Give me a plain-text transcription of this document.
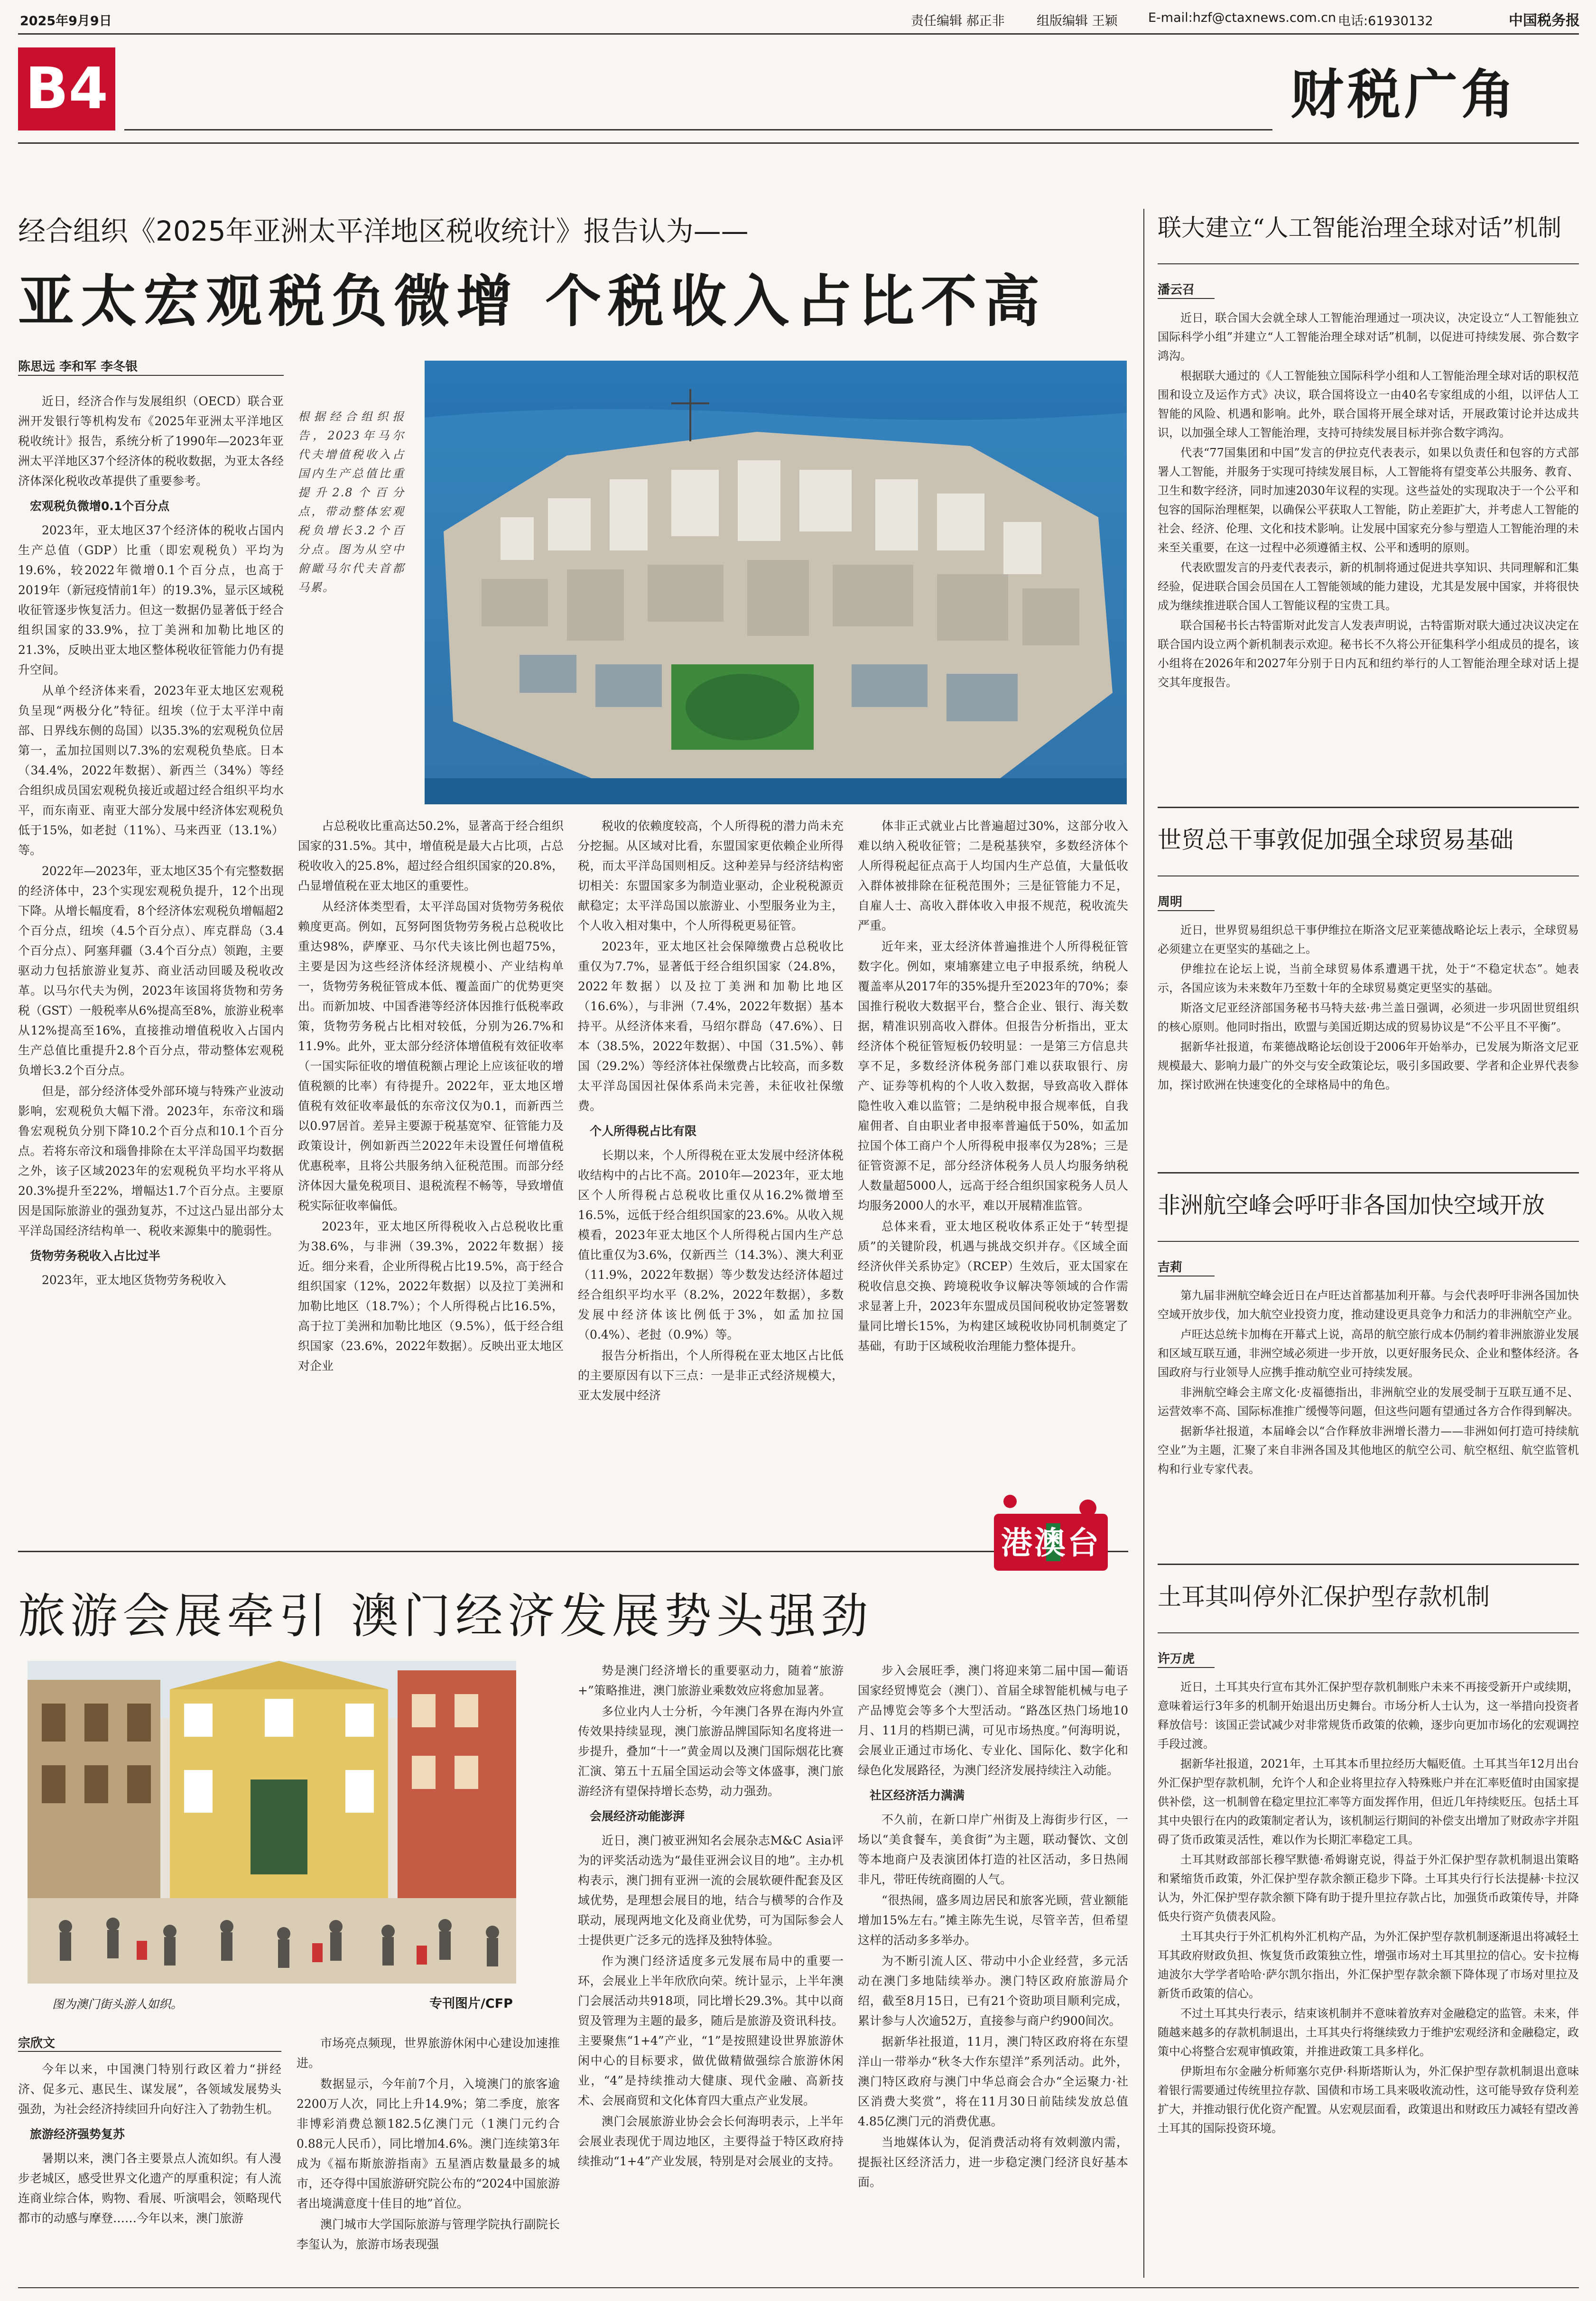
2025年9月9日	责任编辑 郝正非 组版编辑 王颖 E-mail:hzf@ctaxnews.com.cn 电话:61930132	中国税务报
B4	财税广角
经合组织《2025年亚洲太平洋地区税收统计》报告认为——
亚太宏观税负微增 个税收入占比不高
陈思远 李和军 李冬银
根据经合组织报告，2023年马尔代夫增值税收入占国内生产总值比重提升2.8个百分点，带动整体宏观税负增长3.2个百分点。图为从空中俯瞰马尔代夫首都马累。
近日，经济合作与发展组织（OECD）联合亚洲开发银行等机构发布《2025年亚洲太平洋地区税收统计》报告，系统分析了1990年—2023年亚洲太平洋地区37个经济体的税收数据，为亚太各经济体深化税收改革提供了重要参考。
宏观税负微增0.1个百分点
2023年，亚太地区37个经济体的税收占国内生产总值（GDP）比重（即宏观税负）平均为19.6%，较2022年微增0.1个百分点，也高于2019年（新冠疫情前1年）的19.3%，显示区域税收征管逐步恢复活力。但这一数据仍显著低于经合组织国家的33.9%，拉丁美洲和加勒比地区的21.3%，反映出亚太地区整体税收征管能力仍有提升空间。
从单个经济体来看，2023年亚太地区宏观税负呈现“两极分化”特征。纽埃（位于太平洋中南部、日界线东侧的岛国）以35.3%的宏观税负位居第一，孟加拉国则以7.3%的宏观税负垫底。日本（34.4%，2022年数据）、新西兰（34%）等经合组织成员国宏观税负接近或超过经合组织平均水平，而东南亚、南亚大部分发展中经济体宏观税负低于15%，如老挝（11%）、马来西亚（13.1%）等。
2022年—2023年，亚太地区35个有完整数据的经济体中，23个实现宏观税负提升，12个出现下降。从增长幅度看，8个经济体宏观税负增幅超2个百分点，纽埃（4.5个百分点）、库克群岛（3.4个百分点）、阿塞拜疆（3.4个百分点）领跑，主要驱动力包括旅游业复苏、商业活动回暖及税收改革。以马尔代夫为例，2023年该国将货物和劳务税（GST）一般税率从6%提高至8%，旅游业税率从12%提高至16%，直接推动增值税收入占国内生产总值比重提升2.8个百分点，带动整体宏观税负增长3.2个百分点。
但是，部分经济体受外部环境与特殊产业波动影响，宏观税负大幅下滑。2023年，东帝汶和瑙鲁宏观税负分别下降10.2个百分点和10.1个百分点。若将东帝汶和瑙鲁排除在太平洋岛国平均数据之外，该子区域2023年的宏观税负平均水平将从20.3%提升至22%，增幅达1.7个百分点。主要原因是国际旅游业的强劲复苏，不过这凸显出部分太平洋岛国经济结构单一、税收来源集中的脆弱性。
货物劳务税收入占比过半
2023年，亚太地区货物劳务税收入
占总税收比重高达50.2%，显著高于经合组织国家的31.5%。其中，增值税是最大占比项，占总税收收入的25.8%，超过经合组织国家的20.8%，凸显增值税在亚太地区的重要性。
从经济体类型看，太平洋岛国对货物劳务税依赖度更高。例如，瓦努阿图货物劳务税占总税收比重达98%，萨摩亚、马尔代夫该比例也超75%，主要是因为这些经济体经济规模小、产业结构单一，货物劳务税征管成本低、覆盖面广的优势更突出。而新加坡、中国香港等经济体因推行低税率政策，货物劳务税占比相对较低，分别为26.7%和11.9%。此外，亚太部分经济体增值税有效征收率（一国实际征收的增值税额占理论上应该征收的增值税额的比率）有待提升。2022年，亚太地区增值税有效征收率最低的东帝汶仅为0.1，而新西兰以0.97居首。差异主要源于税基宽窄、征管能力及政策设计，例如新西兰2022年未设置任何增值税优惠税率，且将公共服务纳入征税范围。而部分经济体因大量免税项目、退税流程不畅等，导致增值税实际征收率偏低。
2023年，亚太地区所得税收入占总税收比重为38.6%，与非洲（39.3%，2022年数据）接近。细分来看，企业所得税占比19.5%，高于经合组织国家（12%，2022年数据）以及拉丁美洲和加勒比地区（18.7%）；个人所得税占比16.5%，高于拉丁美洲和加勒比地区（9.5%），低于经合组织国家（23.6%，2022年数据）。反映出亚太地区对企业
税收的依赖度较高，个人所得税的潜力尚未充分挖掘。从区域对比看，东盟国家更依赖企业所得税，而太平洋岛国则相反。这种差异与经济结构密切相关：东盟国家多为制造业驱动，企业税税源贡献稳定；太平洋岛国以旅游业、小型服务业为主，个人收入相对集中，个人所得税更易征管。
2023年，亚太地区社会保障缴费占总税收比重仅为7.7%，显著低于经合组织国家（24.8%，2022年数据）以及拉丁美洲和加勒比地区（16.6%），与非洲（7.4%，2022年数据）基本持平。从经济体来看，马绍尔群岛（47.6%）、日本（38.5%，2022年数据）、中国（31.5%）、韩国（29.2%）等经济体社保缴费占比较高，而多数太平洋岛国因社保体系尚未完善，未征收社保缴费。
个人所得税占比有限
长期以来，个人所得税在亚太发展中经济体税收结构中的占比不高。2010年—2023年，亚太地区个人所得税占总税收比重仅从16.2%微增至16.5%，远低于经合组织国家的23.6%。从收入规模看，2023年亚太地区个人所得税占国内生产总值比重仅为3.6%，仅新西兰（14.3%）、澳大利亚（11.9%，2022年数据）等少数发达经济体超过经合组织平均水平（8.2%，2022年数据），多数发展中经济体该比例低于3%，如孟加拉国（0.4%）、老挝（0.9%）等。
报告分析指出，个人所得税在亚太地区占比低的主要原因有以下三点：一是非正式经济规模大，亚太发展中经济
体非正式就业占比普遍超过30%，这部分收入难以纳入税收征管；二是税基狭窄，多数经济体个人所得税起征点高于人均国内生产总值，大量低收入群体被排除在征税范围外；三是征管能力不足，自雇人士、高收入群体收入申报不规范，税收流失严重。
近年来，亚太经济体普遍推进个人所得税征管数字化。例如，柬埔寨建立电子申报系统，纳税人覆盖率从2017年的35%提升至2023年的70%；泰国推行税收大数据平台，整合企业、银行、海关数据，精准识别高收入群体。但报告分析指出，亚太经济体个税征管短板仍较明显：一是第三方信息共享不足，多数经济体税务部门难以获取银行、房产、证券等机构的个人收入数据，导致高收入群体隐性收入难以监管；二是纳税申报合规率低，自我雇佣者、自由职业者申报率普遍低于50%，如孟加拉国个体工商户个人所得税申报率仅为28%；三是征管资源不足，部分经济体税务人员人均服务纳税人数量超5000人，远高于经合组织国家税务人员人均服务2000人的水平，难以开展精准监管。
总体来看，亚太地区税收体系正处于“转型提质”的关键阶段，机遇与挑战交织并存。《区域全面经济伙伴关系协定》（RCEP）生效后，亚太国家在税收信息交换、跨境税收争议解决等领域的合作需求显著上升，2023年东盟成员国间税收协定签署数量同比增长15%，为构建区域税收协同机制奠定了基础，有助于区域税收治理能力整体提升。
港澳台
旅游会展牵引 澳门经济发展势头强劲
图为澳门街头游人如织。	专刊图片/CFP
宗欣文
今年以来，中国澳门特别行政区着力“拼经济、促多元、惠民生、谋发展”，各领域发展势头强劲，为社会经济持续回升向好注入了勃勃生机。
旅游经济强势复苏
暑期以来，澳门各主要景点人流如织。有人漫步老城区，感受世界文化遗产的厚重积淀；有人流连商业综合体，购物、看展、听演唱会，领略现代都市的动感与摩登……今年以来，澳门旅游
市场亮点频现，世界旅游休闲中心建设加速推进。
数据显示，今年前7个月，入境澳门的旅客逾2200万人次，同比上升14.9%；第二季度，旅客非博彩消费总额182.5亿澳门元（1澳门元约合0.88元人民币），同比增加4.6%。澳门连续第3年成为《福布斯旅游指南》五星酒店数量最多的城市，还夺得中国旅游研究院公布的“2024中国旅游者出境满意度十佳目的地”首位。
澳门城市大学国际旅游与管理学院执行副院长李玺认为，旅游市场表现强
势是澳门经济增长的重要驱动力，随着“旅游+”策略推进，澳门旅游业乘数效应将愈加显著。
多位业内人士分析，今年澳门各界在海内外宣传效果持续显现，澳门旅游品牌国际知名度将进一步提升，叠加“十一”黄金周以及澳门国际烟花比赛汇演、第五十五届全国运动会等文体盛事，澳门旅游经济有望保持增长态势，动力强劲。
会展经济动能澎湃
近日，澳门被亚洲知名会展杂志M&C Asia评为的评奖活动选为“最佳亚洲会议目的地”。主办机构表示，澳门拥有亚洲一流的会展软硬件配套及区域优势，是理想会展目的地，结合与横琴的合作及联动，展现两地文化及商业优势，可为国际参会人士提供更广泛多元的选择及独特体验。
作为澳门经济适度多元发展布局中的重要一环，会展业上半年欣欣向荣。统计显示，上半年澳门会展活动共918项，同比增长29.3%。其中以商贸及管理为主题的最多，随后是旅游及资讯科技。主要聚焦“1+4”产业，“1”是按照建设世界旅游休闲中心的目标要求，做优做精做强综合旅游休闲业，“4”是持续推动大健康、现代金融、高新技术、会展商贸和文化体育四大重点产业发展。
澳门会展旅游业协会会长何海明表示，上半年会展业表现优于周边地区，主要得益于特区政府持续推动“1+4”产业发展，特别是对会展业的支持。
步入会展旺季，澳门将迎来第二届中国—葡语国家经贸博览会（澳门）、首届全球智能机械与电子产品博览会等多个大型活动。“路氹区热门场地10月、11月的档期已满，可见市场热度。”何海明说，会展业正通过市场化、专业化、国际化、数字化和绿色化发展路径，为澳门经济发展持续注入动能。
社区经济活力满满
不久前，在新口岸广州街及上海街步行区，一场以“美食餐车，美食街”为主题，联动餐饮、文创等本地商户及表演团体打造的社区活动，多日热闹非凡，带旺传统商圈的人气。
“很热闹，盛多周边居民和旅客光顾，营业额能增加15%左右。”摊主陈先生说，尽管辛苦，但希望这样的活动多多举办。
为不断引流人区、带动中小企业经营，多元活动在澳门多地陆续举办。澳门特区政府旅游局介绍，截至8月15日，已有21个资助项目顺利完成，累计参与人次逾52万，直接参与商户约900间次。
据新华社报道，11月，澳门特区政府将在东望洋山一带举办“秋冬大作东望洋”系列活动。此外，澳门特区政府与澳门中华总商会合办“全运聚力·社区消费大奖赏”，将在11月30日前陆续发放总值4.85亿澳门元的消费优惠。
当地媒体认为，促消费活动将有效刺激内需，提振社区经济活力，进一步稳定澳门经济良好基本面。
联大建立“人工智能治理全球对话”机制
潘云召
近日，联合国大会就全球人工智能治理通过一项决议，决定设立“人工智能独立国际科学小组”并建立“人工智能治理全球对话”机制，以促进可持续发展、弥合数字鸿沟。
根据联大通过的《人工智能独立国际科学小组和人工智能治理全球对话的职权范围和设立及运作方式》决议，联合国将设立一由40名专家组成的小组，以评估人工智能的风险、机遇和影响。此外，联合国将开展全球对话，开展政策讨论并达成共识，以加强全球人工智能治理，支持可持续发展目标并弥合数字鸿沟。
代表“77国集团和中国”发言的伊拉克代表表示，如果以负责任和包容的方式部署人工智能，并服务于实现可持续发展目标，人工智能将有望变革公共服务、教育、卫生和数字经济，同时加速2030年议程的实现。这些益处的实现取决于一个公平和包容的国际治理框架，以确保公平获取人工智能，防止差距扩大，并考虑人工智能的社会、经济、伦理、文化和技术影响。让发展中国家充分参与塑造人工智能治理的未来至关重要，在这一过程中必须遵循主权、公平和透明的原则。
代表欧盟发言的丹麦代表表示，新的机制将通过促进共享知识、共同理解和汇集经验，促进联合国会员国在人工智能领域的能力建设，尤其是发展中国家，并将很快成为继续推进联合国人工智能议程的宝贵工具。
联合国秘书长古特雷斯对此发言人发表声明说，古特雷斯对联大通过决议决定在联合国内设立两个新机制表示欢迎。秘书长不久将公开征集科学小组成员的提名，该小组将在2026年和2027年分别于日内瓦和纽约举行的人工智能治理全球对话上提交其年度报告。
世贸总干事敦促加强全球贸易基础
周明
近日，世界贸易组织总干事伊维拉在斯洛文尼亚莱德战略论坛上表示，全球贸易必须建立在更坚实的基础之上。
伊维拉在论坛上说，当前全球贸易体系遭遇干扰，处于“不稳定状态”。她表示，各国应该为未来数年乃至数十年的全球贸易奠定更坚实的基础。
斯洛文尼亚经济部国务秘书马特夫兹·弗兰盖日强调，必须进一步巩固世贸组织的核心原则。他同时指出，欧盟与美国近期达成的贸易协议是“不公平且不平衡”。
据新华社报道，布莱德战略论坛创设于2006年开始举办，已发展为斯洛文尼亚规模最大、影响力最广的外交与安全政策论坛，吸引多国政要、学者和企业界代表参加，探讨欧洲在快速变化的全球格局中的角色。
非洲航空峰会呼吁非各国加快空域开放
吉莉
第九届非洲航空峰会近日在卢旺达首都基加利开幕。与会代表呼吁非洲各国加快空域开放步伐，加大航空业投资力度，推动建设更具竞争力和活力的非洲航空产业。
卢旺达总统卡加梅在开幕式上说，高昂的航空旅行成本仍制约着非洲旅游业发展和区域互联互通，非洲空域必须进一步开放，以更好服务民众、企业和整体经济。各国政府与行业领导人应携手推动航空业可持续发展。
非洲航空峰会主席文化·皮福德指出，非洲航空业的发展受制于互联互通不足、运营效率不高、国际标准推广缓慢等问题，但这些问题有望通过各方合作得到解决。
据新华社报道，本届峰会以“合作释放非洲增长潜力——非洲如何打造可持续航空业”为主题，汇聚了来自非洲各国及其他地区的航空公司、航空枢纽、航空监管机构和行业专家代表。
土耳其叫停外汇保护型存款机制
许万虎
近日，土耳其央行宣布其外汇保护型存款机制账户未来不再接受新开户或续期，意味着运行3年多的机制开始退出历史舞台。市场分析人士认为，这一举措向投资者释放信号：该国正尝试减少对非常规货币政策的依赖，逐步向更加市场化的宏观调控手段过渡。
据新华社报道，2021年，土耳其本币里拉经历大幅贬值。土耳其当年12月出台外汇保护型存款机制，允许个人和企业将里拉存入特殊账户并在汇率贬值时由国家提供补偿，这一机制曾在稳定里拉汇率等方面发挥作用，但近几年持续贬压。包括土耳其中央银行在内的政策制定者认为，该机制运行期间的补偿支出增加了财政赤字并阻碍了货币政策灵活性，难以作为长期汇率稳定工具。
土耳其财政部部长穆罕默德·希姆谢克说，得益于外汇保护型存款机制退出策略和紧缩货币政策，外汇保护型存款余额正稳步下降。土耳其央行行长法提赫·卡拉汉认为，外汇保护型存款余额下降有助于提升里拉存款占比，加强货币政策传导，并降低央行资产负债表风险。
土耳其央行于外汇机构外汇机构产品，为外汇保护型存款机制逐渐退出将减轻土耳其政府财政负担、恢复货币政策独立性，增强市场对土耳其里拉的信心。安卡拉梅迪波尔大学学者哈哈·萨尔凯尔指出，外汇保护型存款余额下降体现了市场对里拉及新货币政策的信心。
不过土耳其央行表示，结束该机制并不意味着放弃对金融稳定的监管。未来，伴随越来越多的存款机制退出，土耳其央行将继续致力于维护宏观经济和金融稳定，政策中心将整合宏观审慎政策，并推进政策工具多样化。
伊斯坦布尔金融分析师塞尔克伊·科斯塔斯认为，外汇保护型存款机制退出意味着银行需要通过传统里拉存款、国债和市场工具来吸收流动性，这可能导致存贷利差扩大，并推动银行优化资产配置。从宏观层面看，政策退出和财政压力减轻有望改善土耳其的国际投资环境。
